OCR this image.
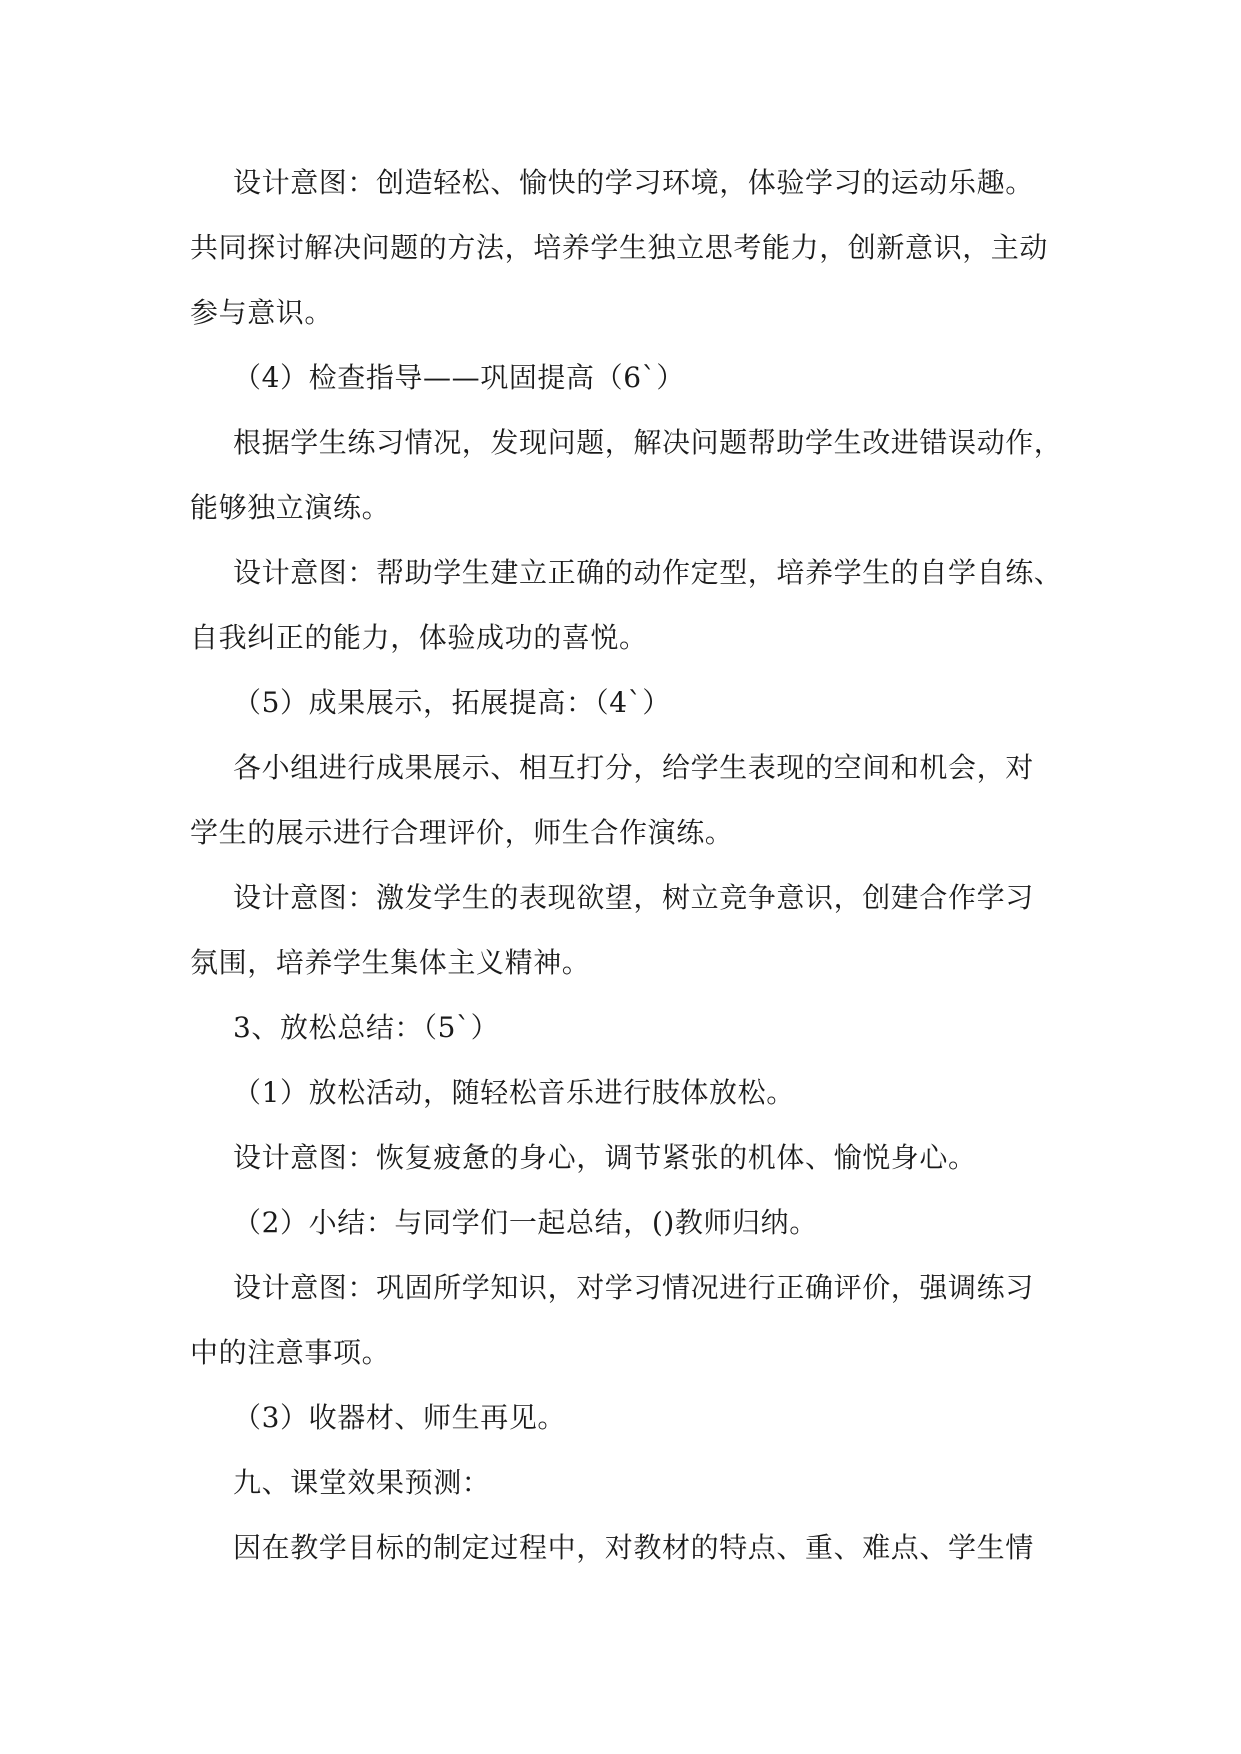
设计意图：创造轻松、愉快的学习环境，体验学习的运动乐趣。
共同探讨解决问题的方法，培养学生独立思考能力，创新意识，主动
参与意识。
（4）检查指导——巩固提高（6`）
根据学生练习情况，发现问题，解决问题帮助学生改进错误动作，
能够独立演练。
设计意图：帮助学生建立正确的动作定型，培养学生的自学自练、
自我纠正的能力，体验成功的喜悦。
（5）成果展示，拓展提高：（4`）
各小组进行成果展示、相互打分，给学生表现的空间和机会，对
学生的展示进行合理评价，师生合作演练。
设计意图：激发学生的表现欲望，树立竞争意识，创建合作学习
氛围，培养学生集体主义精神。
3、放松总结：（5`）
（1）放松活动，随轻松音乐进行肢体放松。
设计意图：恢复疲惫的身心，调节紧张的机体、愉悦身心。
（2）小结：与同学们一起总结，()教师归纳。
设计意图：巩固所学知识，对学习情况进行正确评价，强调练习
中的注意事项。
（3）收器材、师生再见。
九、课堂效果预测：
因在教学目标的制定过程中，对教材的特点、重、难点、学生情
